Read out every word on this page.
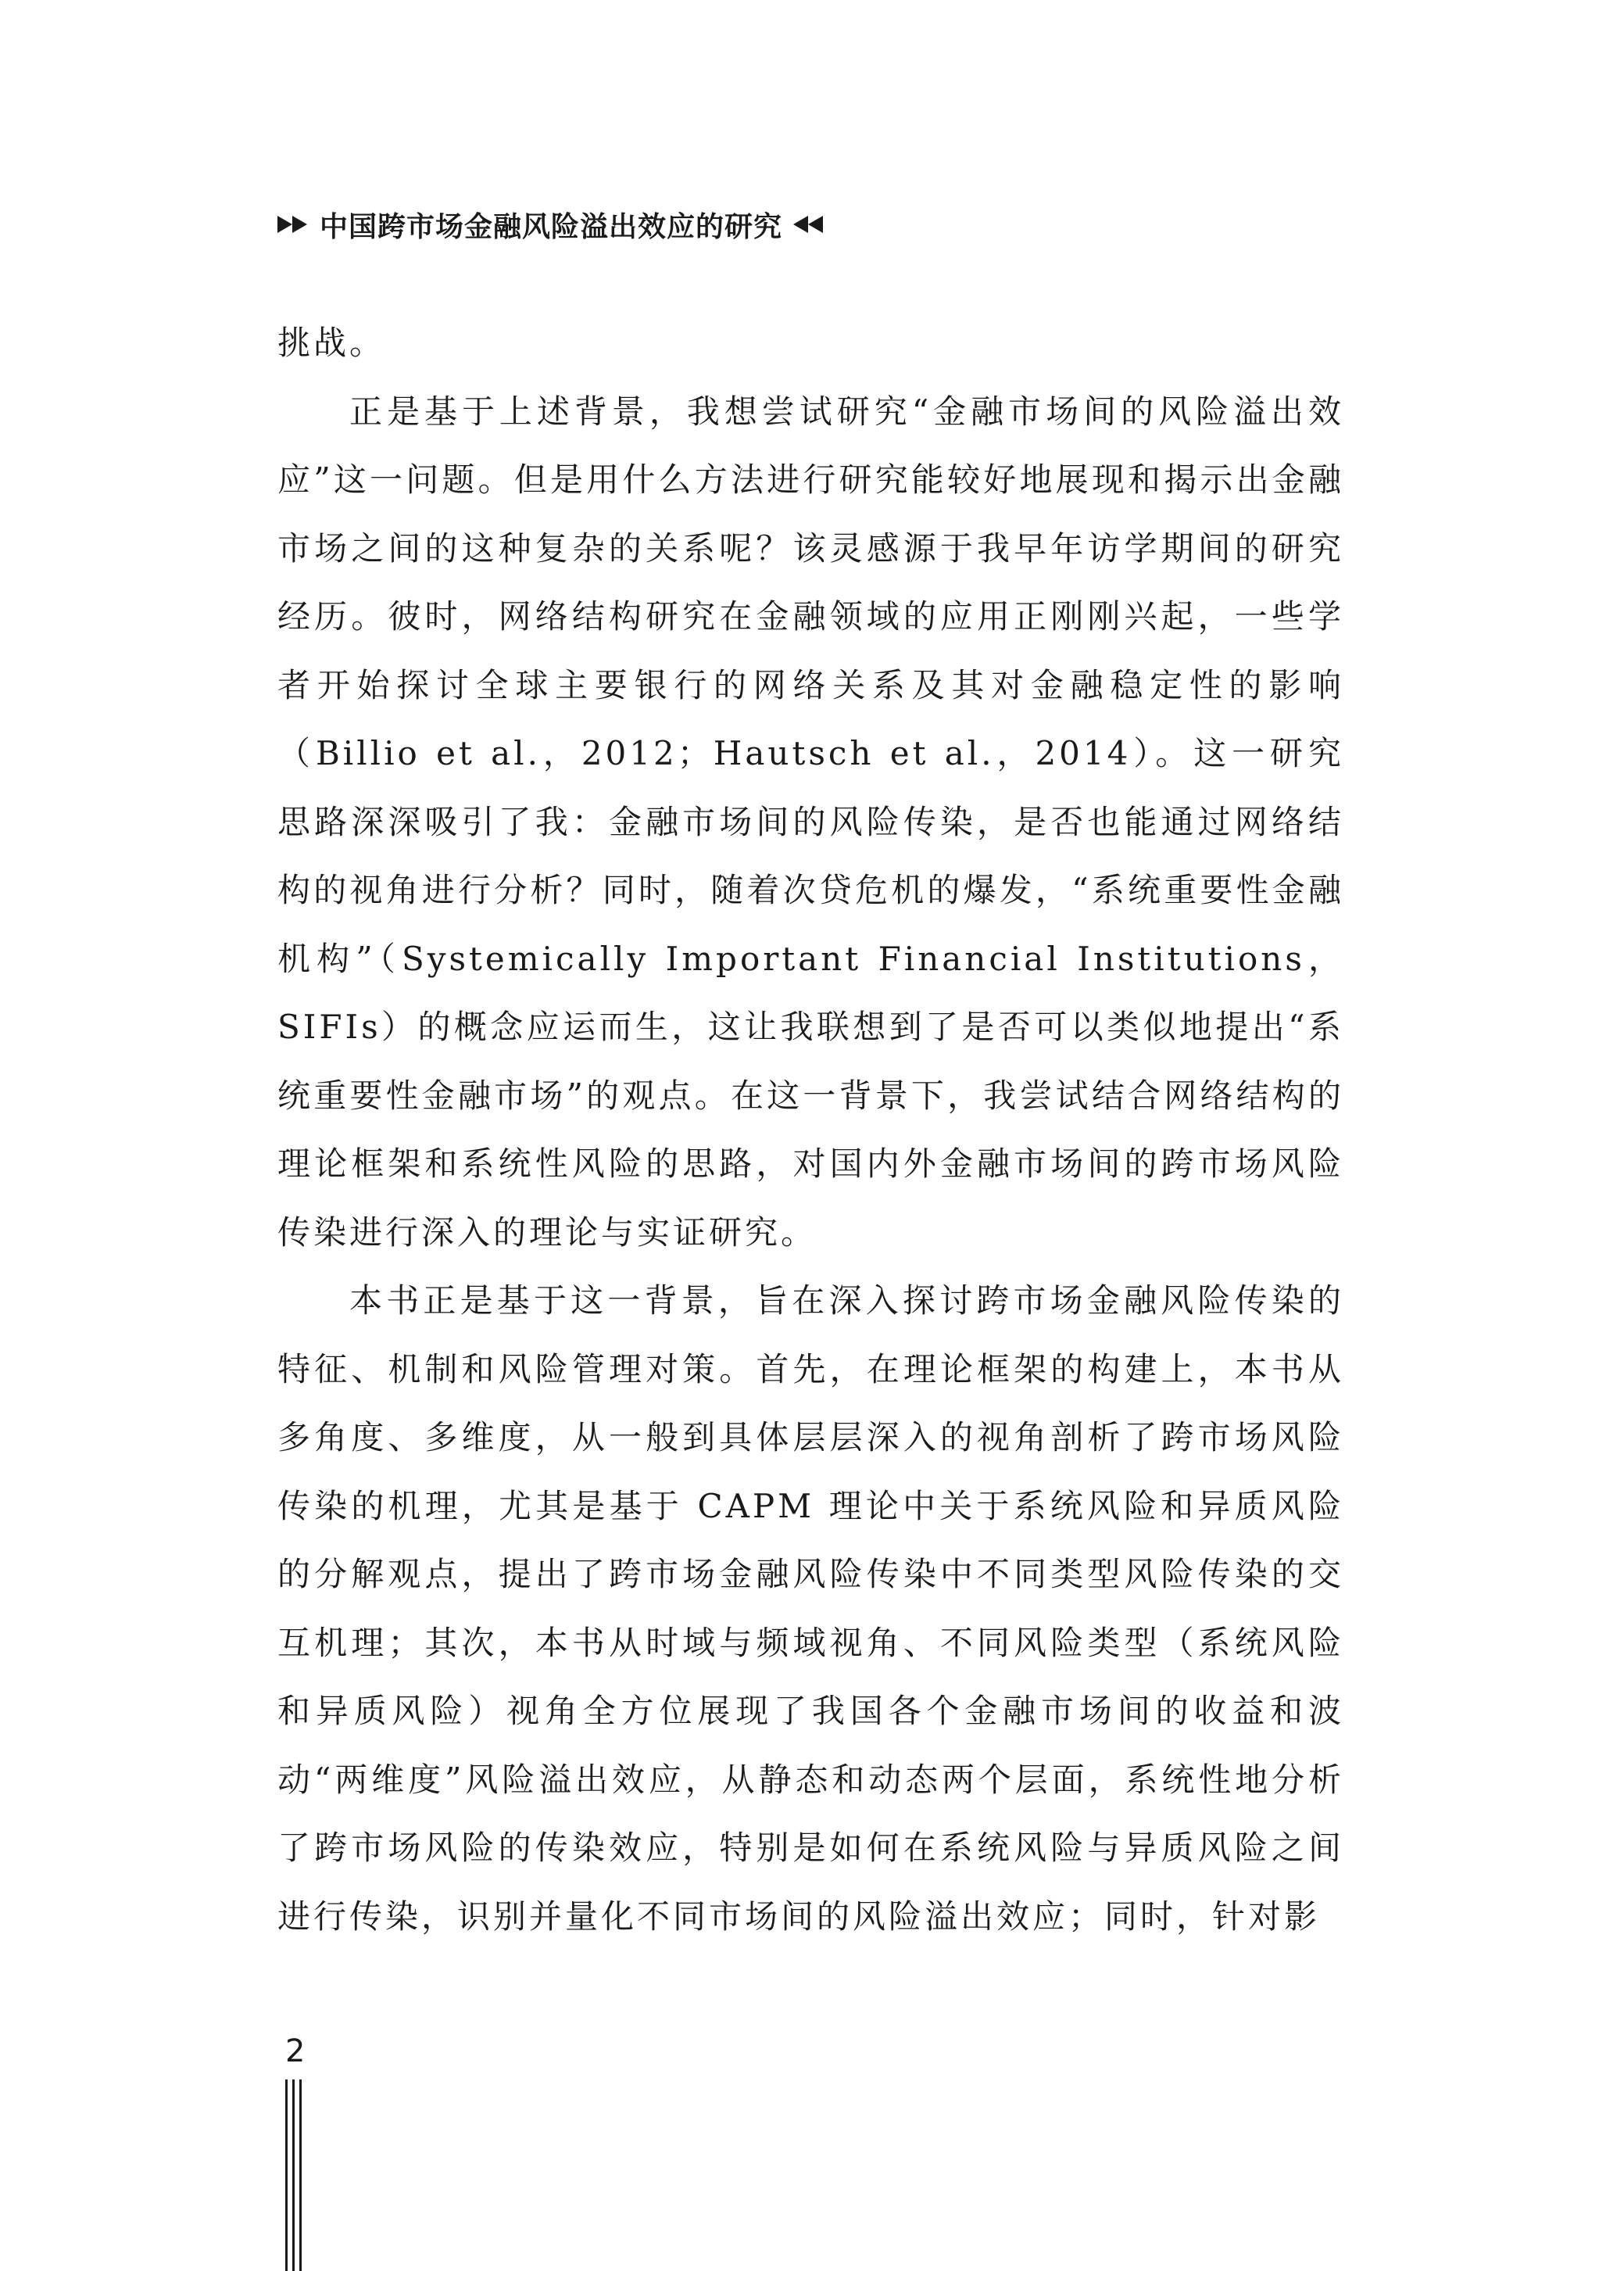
中国跨市场金融风险溢出效应的研究

挑战。

正是基于上述背景，我想尝试研究“金融市场间的风险溢出效应”这一问题。但是用什么方法进行研究能较好地展现和揭示出金融市场之间的这种复杂的关系呢？该灵感源于我早年访学期间的研究经历。彼时，网络结构研究在金融领域的应用正刚刚兴起，一些学者开始探讨全球主要银行的网络关系及其对金融稳定性的影响（Billio et al.，2012；Hautsch et al.，2014）。这一研究思路深深吸引了我：金融市场间的风险传染，是否也能通过网络结构的视角进行分析？同时，随着次贷危机的爆发，“系统重要性金融机构”（Systemically Important Financial Institutions，SIFIs）的概念应运而生，这让我联想到了是否可以类似地提出“系统重要性金融市场”的观点。在这一背景下，我尝试结合网络结构的理论框架和系统性风险的思路，对国内外金融市场间的跨市场风险传染进行深入的理论与实证研究。

本书正是基于这一背景，旨在深入探讨跨市场金融风险传染的特征、机制和风险管理对策。首先，在理论框架的构建上，本书从多角度、多维度，从一般到具体层层深入的视角剖析了跨市场风险传染的机理，尤其是基于 CAPM 理论中关于系统风险和异质风险的分解观点，提出了跨市场金融风险传染中不同类型风险传染的交互机理；其次，本书从时域与频域视角、不同风险类型（系统风险和异质风险）视角全方位展现了我国各个金融市场间的收益和波动“两维度”风险溢出效应，从静态和动态两个层面，系统性地分析了跨市场风险的传染效应，特别是如何在系统风险与异质风险之间进行传染，识别并量化不同市场间的风险溢出效应；同时，针对影

2
